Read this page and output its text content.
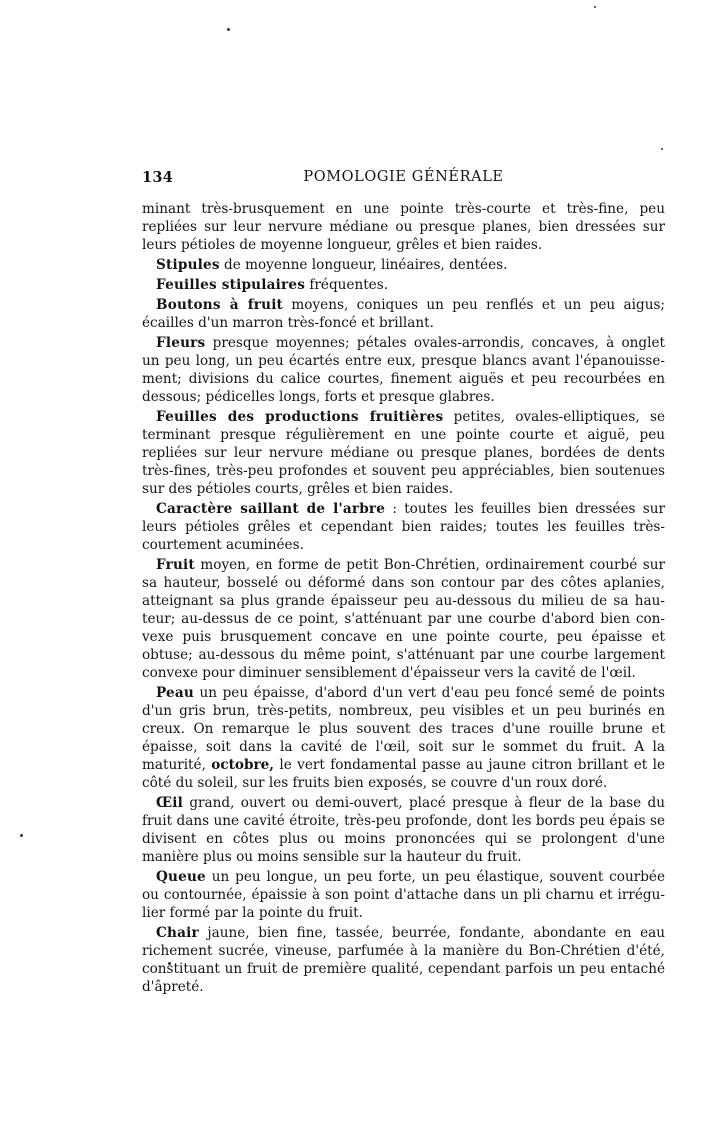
134	POMOLOGIE GÉNÉRALE

minant très-brusquement en une pointe très-courte et très-fine, peu repliées sur leur nervure médiane ou presque planes, bien dressées sur leurs pétioles de moyenne longueur, grêles et bien raides.

Stipules de moyenne longueur, linéaires, dentées.

Feuilles stipulaires fréquentes.

Boutons à fruit moyens, coniques un peu renflés et un peu aigus; écailles d'un marron très-foncé et brillant.

Fleurs presque moyennes; pétales ovales-arrondis, concaves, à onglet un peu long, un peu écartés entre eux, presque blancs avant l'épanouissement; divisions du calice courtes, finement aiguës et peu recourbées en dessous; pédicelles longs, forts et presque glabres.

Feuilles des productions fruitières petites, ovales-elliptiques, se terminant presque régulièrement en une pointe courte et aiguë, peu repliées sur leur nervure médiane ou presque planes, bordées de dents très-fines, très-peu profondes et souvent peu appréciables, bien soutenues sur des pétioles courts, grêles et bien raides.

Caractère saillant de l'arbre : toutes les feuilles bien dressées sur leurs pétioles grêles et cependant bien raides; toutes les feuilles très-courtement acuminées.

Fruit moyen, en forme de petit Bon-Chrétien, ordinairement courbé sur sa hauteur, bosselé ou déformé dans son contour par des côtes aplanies, atteignant sa plus grande épaisseur peu au-dessous du milieu de sa hauteur; au-dessus de ce point, s'atténuant par une courbe d'abord bien convexe puis brusquement concave en une pointe courte, peu épaisse et obtuse; au-dessous du même point, s'atténuant par une courbe largement convexe pour diminuer sensiblement d'épaisseur vers la cavité de l'œil.

Peau un peu épaisse, d'abord d'un vert d'eau peu foncé semé de points d'un gris brun, très-petits, nombreux, peu visibles et un peu burinés en creux. On remarque le plus souvent des traces d'une rouille brune et épaisse, soit dans la cavité de l'œil, soit sur le sommet du fruit. A la maturité, octobre, le vert fondamental passe au jaune citron brillant et le côté du soleil, sur les fruits bien exposés, se couvre d'un roux doré.

Œil grand, ouvert ou demi-ouvert, placé presque à fleur de la base du fruit dans une cavité étroite, très-peu profonde, dont les bords peu épais se divisent en côtes plus ou moins prononcées qui se prolongent d'une manière plus ou moins sensible sur la hauteur du fruit.

Queue un peu longue, un peu forte, un peu élastique, souvent courbée ou contournée, épaissie à son point d'attache dans un pli charnu et irrégulier formé par la pointe du fruit.

Chair jaune, bien fine, tassée, beurrée, fondante, abondante en eau richement sucrée, vineuse, parfumée à la manière du Bon-Chrétien d'été, constituant un fruit de première qualité, cependant parfois un peu entaché d'âpreté.
